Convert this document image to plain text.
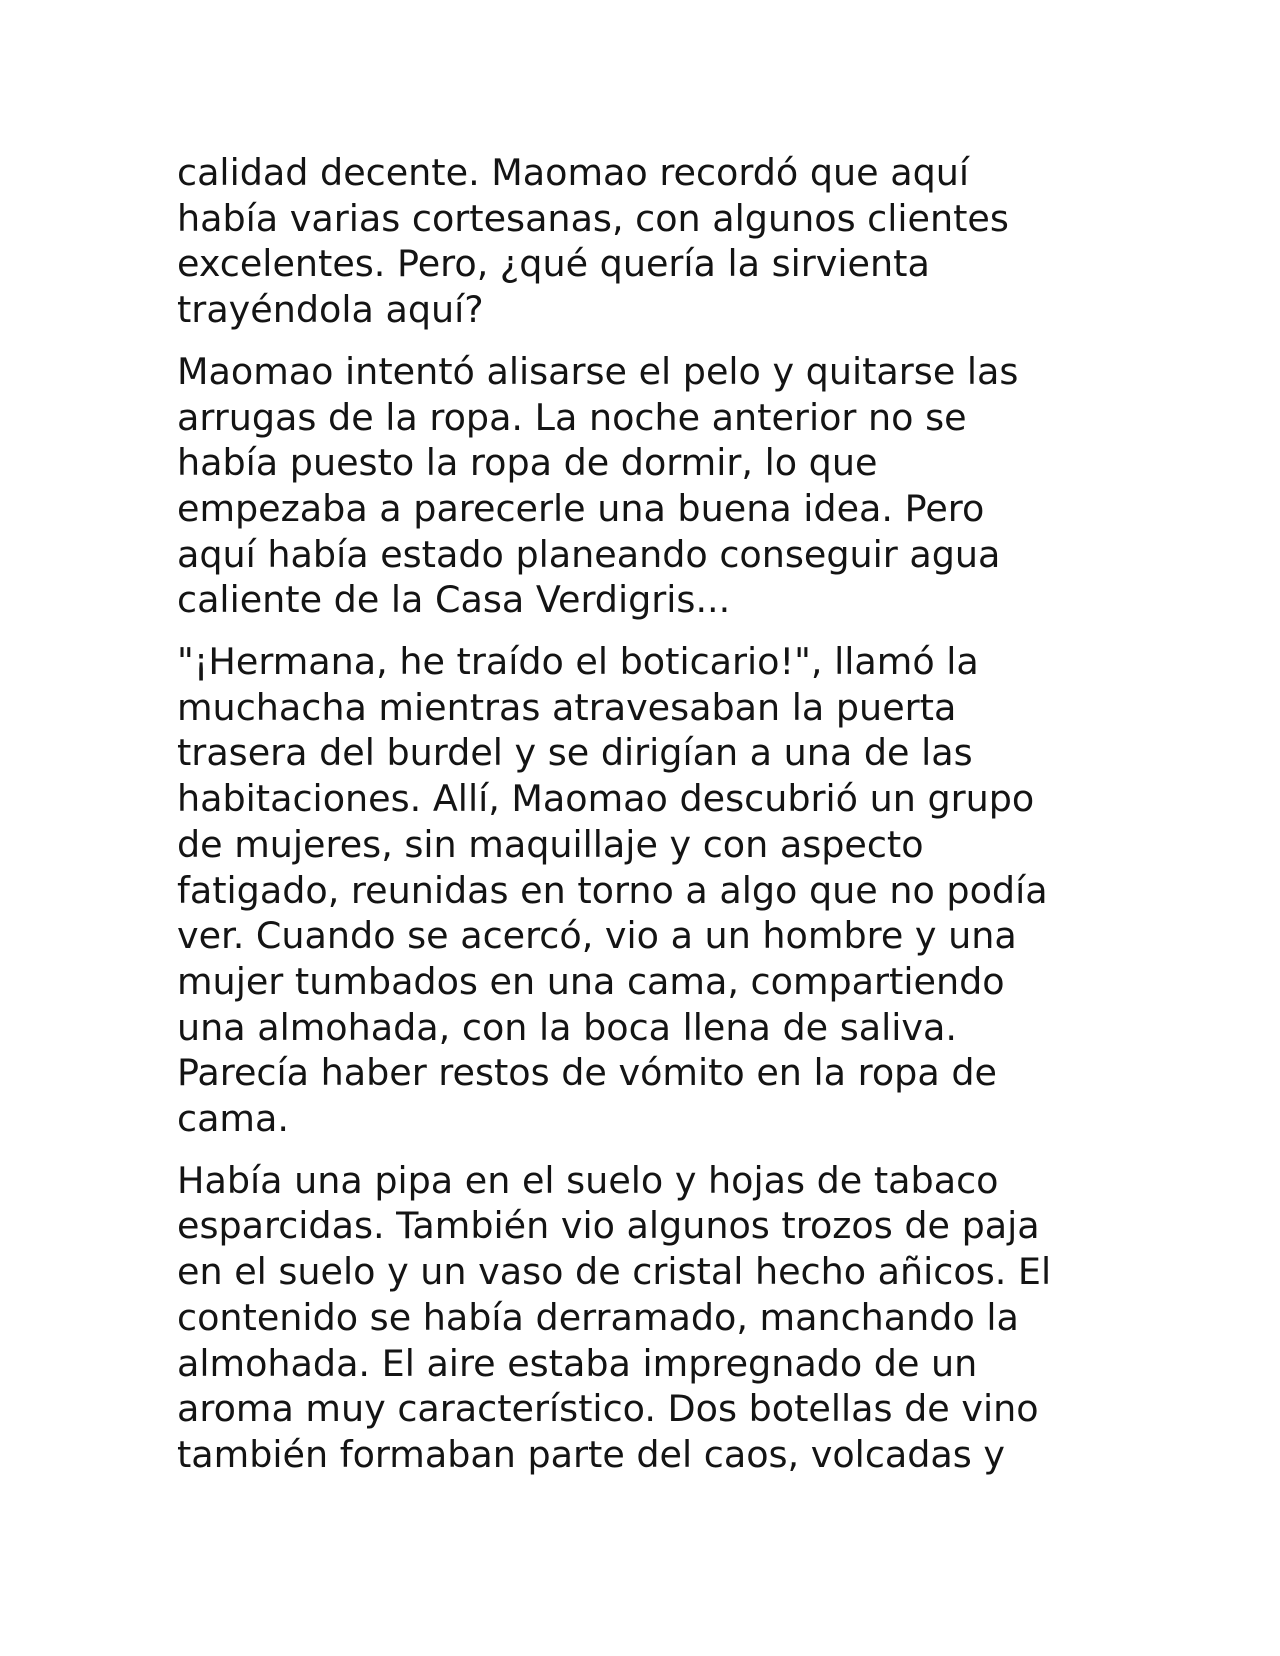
calidad decente. Maomao recordó que aquí
había varias cortesanas, con algunos clientes
excelentes. Pero, ¿qué quería la sirvienta
trayéndola aquí?

Maomao intentó alisarse el pelo y quitarse las
arrugas de la ropa. La noche anterior no se
había puesto la ropa de dormir, lo que
empezaba a parecerle una buena idea. Pero
aquí había estado planeando conseguir agua
caliente de la Casa Verdigris...

"¡Hermana, he traído el boticario!", llamó la
muchacha mientras atravesaban la puerta
trasera del burdel y se dirigían a una de las
habitaciones. Allí, Maomao descubrió un grupo
de mujeres, sin maquillaje y con aspecto
fatigado, reunidas en torno a algo que no podía
ver. Cuando se acercó, vio a un hombre y una
mujer tumbados en una cama, compartiendo
una almohada, con la boca llena de saliva.
Parecía haber restos de vómito en la ropa de
cama.

Había una pipa en el suelo y hojas de tabaco
esparcidas. También vio algunos trozos de paja
en el suelo y un vaso de cristal hecho añicos. El
contenido se había derramado, manchando la
almohada. El aire estaba impregnado de un
aroma muy característico. Dos botellas de vino
también formaban parte del caos, volcadas y
